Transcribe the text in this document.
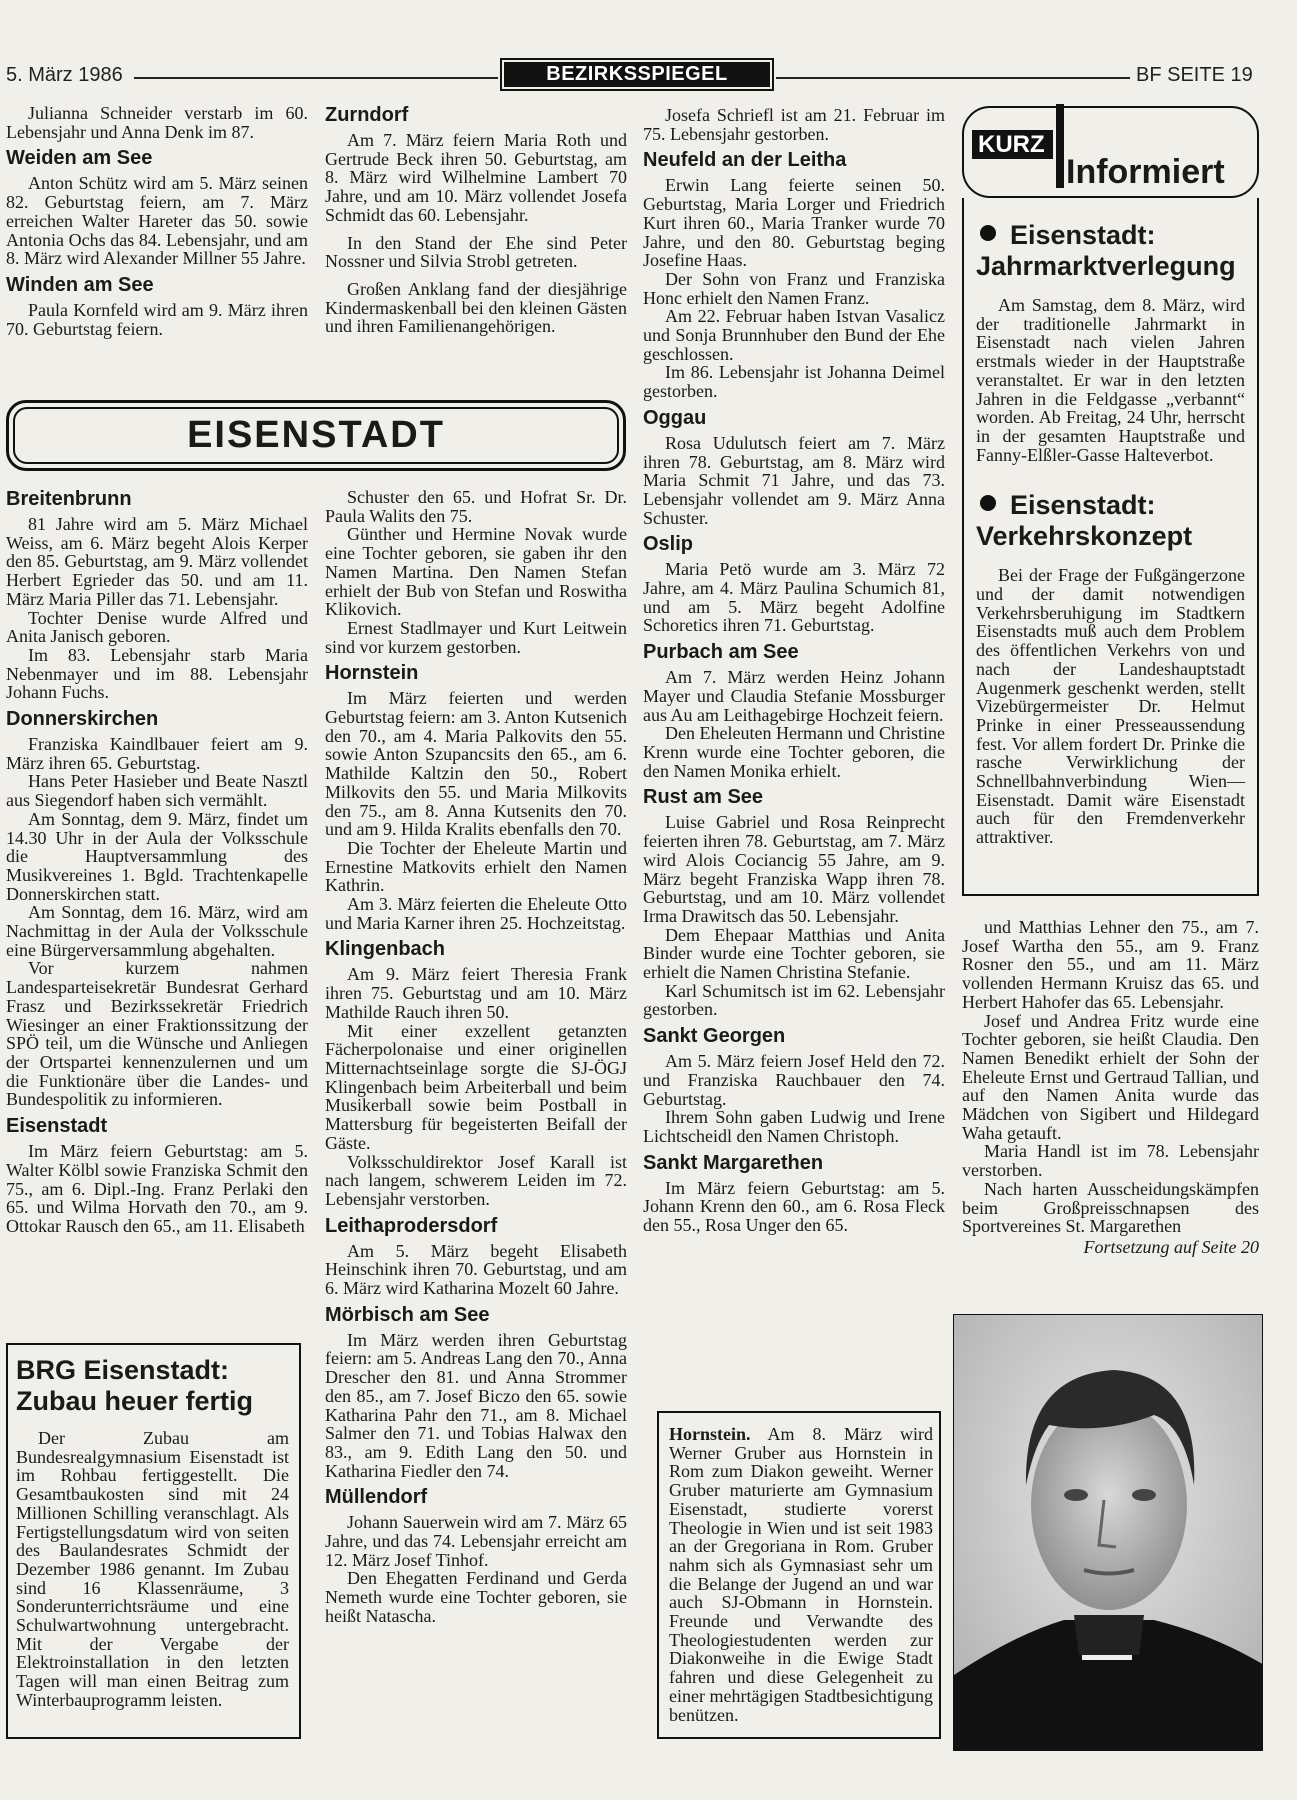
5. März 1986	BEZIRKSSPIEGEL	BF SEITE 19

Julianna Schneider verstarb im 60. Lebensjahr und Anna Denk im 87.

Weiden am See

Anton Schütz wird am 5. März seinen 82. Geburtstag feiern, am 7. März erreichen Walter Hareter das 50. sowie Antonia Ochs das 84. Lebensjahr, und am 8. März wird Alexander Millner 55 Jahre.

Winden am See

Paula Kornfeld wird am 9. März ihren 70. Geburtstag feiern.

Zurndorf

Am 7. März feiern Maria Roth und Gertrude Beck ihren 50. Geburtstag, am 8. März wird Wilhelmine Lambert 70 Jahre, und am 10. März vollendet Josefa Schmidt das 60. Lebensjahr.

In den Stand der Ehe sind Peter Nossner und Silvia Strobl getreten.

Großen Anklang fand der diesjährige Kindermaskenball bei den kleinen Gästen und ihren Familienangehörigen.

Josefa Schriefl ist am 21. Februar im 75. Lebensjahr gestorben.

Neufeld an der Leitha

Erwin Lang feierte seinen 50. Geburtstag, Maria Lorger und Friedrich Kurt ihren 60., Maria Tranker wurde 70 Jahre, und den 80. Geburtstag beging Josefine Haas.

Der Sohn von Franz und Franziska Honc erhielt den Namen Franz.

Am 22. Februar haben Istvan Vasalicz und Sonja Brunnhuber den Bund der Ehe geschlossen.

Im 86. Lebensjahr ist Johanna Deimel gestorben.

Oggau

Rosa Udulutsch feiert am 7. März ihren 78. Geburtstag, am 8. März wird Maria Schmit 71 Jahre, und das 73. Lebensjahr vollendet am 9. März Anna Schuster.

Oslip

Maria Petö wurde am 3. März 72 Jahre, am 4. März Paulina Schumich 81, und am 5. März begeht Adolfine Schoretics ihren 71. Geburtstag.

Purbach am See

Am 7. März werden Heinz Johann Mayer und Claudia Stefanie Mossburger aus Au am Leithagebirge Hochzeit feiern.

Den Eheleuten Hermann und Christine Krenn wurde eine Tochter geboren, die den Namen Monika erhielt.

Rust am See

Luise Gabriel und Rosa Reinprecht feierten ihren 78. Geburtstag, am 7. März wird Alois Cociancig 55 Jahre, am 9. März begeht Franziska Wapp ihren 78. Geburtstag, und am 10. März vollendet Irma Drawitsch das 50. Lebensjahr.

Dem Ehepaar Matthias und Anita Binder wurde eine Tochter geboren, sie erhielt die Namen Christina Stefanie.

Karl Schumitsch ist im 62. Lebensjahr gestorben.

Sankt Georgen

Am 5. März feiern Josef Held den 72. und Franziska Rauchbauer den 74. Geburtstag.

Ihrem Sohn gaben Ludwig und Irene Lichtscheidl den Namen Christoph.

Sankt Margarethen

Im März feiern Geburtstag: am 5. Johann Krenn den 60., am 6. Rosa Fleck den 55., Rosa Unger den 65.

EISENSTADT
Breitenbrunn

81 Jahre wird am 5. März Michael Weiss, am 6. März begeht Alois Kerper den 85. Geburtstag, am 9. März vollendet Herbert Egrieder das 50. und am 11. März Maria Piller das 71. Lebensjahr.

Tochter Denise wurde Alfred und Anita Janisch geboren.

Im 83. Lebensjahr starb Maria Nebenmayer und im 88. Lebensjahr Johann Fuchs.

Donnerskirchen

Franziska Kaindlbauer feiert am 9. März ihren 65. Geburtstag.

Hans Peter Hasieber und Beate Nasztl aus Siegendorf haben sich vermählt.

Am Sonntag, dem 9. März, findet um 14.30 Uhr in der Aula der Volksschule die Hauptversammlung des Musikvereines 1. Bgld. Trachtenkapelle Donnerskirchen statt.

Am Sonntag, dem 16. März, wird am Nachmittag in der Aula der Volksschule eine Bürgerversammlung abgehalten.

Vor kurzem nahmen Landesparteisekretär Bundesrat Gerhard Frasz und Bezirkssekretär Friedrich Wiesinger an einer Fraktionssitzung der SPÖ teil, um die Wünsche und Anliegen der Ortspartei kennenzulernen und um die Funktionäre über die Landes- und Bundespolitik zu informieren.

Eisenstadt

Im März feiern Geburtstag: am 5. Walter Kölbl sowie Franziska Schmit den 75., am 6. Dipl.-Ing. Franz Perlaki den 65. und Wilma Horvath den 70., am 9. Ottokar Rausch den 65., am 11. Elisabeth

Schuster den 65. und Hofrat Sr. Dr. Paula Walits den 75.

Günther und Hermine Novak wurde eine Tochter geboren, sie gaben ihr den Namen Martina. Den Namen Stefan erhielt der Bub von Stefan und Roswitha Klikovich.

Ernest Stadlmayer und Kurt Leitwein sind vor kurzem gestorben.

Hornstein

Im März feierten und werden Geburtstag feiern: am 3. Anton Kutsenich den 70., am 4. Maria Palkovits den 55. sowie Anton Szupancsits den 65., am 6. Mathilde Kaltzin den 50., Robert Milkovits den 55. und Maria Milkovits den 75., am 8. Anna Kutsenits den 70. und am 9. Hilda Kralits ebenfalls den 70.

Die Tochter der Eheleute Martin und Ernestine Matkovits erhielt den Namen Kathrin.

Am 3. März feierten die Eheleute Otto und Maria Karner ihren 25. Hochzeitstag.

Klingenbach

Am 9. März feiert Theresia Frank ihren 75. Geburtstag und am 10. März Mathilde Rauch ihren 50.

Mit einer exzellent getanzten Fächerpolonaise und einer originellen Mitternachtseinlage sorgte die SJ-ÖGJ Klingenbach beim Arbeiterball und beim Musikerball sowie beim Postball in Mattersburg für begeisterten Beifall der Gäste.

Volksschuldirektor Josef Karall ist nach langem, schwerem Leiden im 72. Lebensjahr verstorben.

Leithaprodersdorf

Am 5. März begeht Elisabeth Heinschink ihren 70. Geburtstag, und am 6. März wird Katharina Mozelt 60 Jahre.

Mörbisch am See

Im März werden ihren Geburtstag feiern: am 5. Andreas Lang den 70., Anna Drescher den 81. und Anna Strommer den 85., am 7. Josef Biczo den 65. sowie Katharina Pahr den 71., am 8. Michael Salmer den 71. und Tobias Halwax den 83., am 9. Edith Lang den 50. und Katharina Fiedler den 74.

Müllendorf

Johann Sauerwein wird am 7. März 65 Jahre, und das 74. Lebensjahr erreicht am 12. März Josef Tinhof.

Den Ehegatten Ferdinand und Gerda Nemeth wurde eine Tochter geboren, sie heißt Natascha.

KURZ
Informiert
Eisenstadt:
Jahrmarktverlegung

Am Samstag, dem 8. März, wird der traditionelle Jahrmarkt in Eisenstadt nach vielen Jahren erstmals wieder in der Hauptstraße veranstaltet. Er war in den letzten Jahren in die Feldgasse „verbannt“ worden. Ab Freitag, 24 Uhr, herrscht in der gesamten Hauptstraße und Fanny-Elßler-Gasse Halteverbot.

Eisenstadt:
Verkehrskonzept

Bei der Frage der Fußgängerzone und der damit notwendigen Verkehrsberuhigung im Stadtkern Eisenstadts muß auch dem Problem des öffentlichen Verkehrs von und nach der Landeshauptstadt Augenmerk geschenkt werden, stellt Vizebürgermeister Dr. Helmut Prinke in einer Presseaussendung fest. Vor allem fordert Dr. Prinke die rasche Verwirklichung der Schnellbahnverbindung Wien—Eisenstadt. Damit wäre Eisenstadt auch für den Fremdenverkehr attraktiver.

und Matthias Lehner den 75., am 7. Josef Wartha den 55., am 9. Franz Rosner den 55., und am 11. März vollenden Hermann Kruisz das 65. und Herbert Hahofer das 65. Lebensjahr.

Josef und Andrea Fritz wurde eine Tochter geboren, sie heißt Claudia. Den Namen Benedikt erhielt der Sohn der Eheleute Ernst und Gertraud Tallian, und auf den Namen Anita wurde das Mädchen von Sigibert und Hildegard Waha getauft.

Maria Handl ist im 78. Lebensjahr verstorben.

Nach harten Ausscheidungskämpfen beim Großpreisschnapsen des Sportvereines St. Margarethen

Fortsetzung auf Seite 20
BRG Eisenstadt: Zubau heuer fertig

Der Zubau am Bundesrealgymnasium Eisenstadt ist im Rohbau fertiggestellt. Die Gesamtbaukosten sind mit 24 Millionen Schilling veranschlagt. Als Fertigstellungsdatum wird von seiten des Baulandesrates Schmidt der Dezember 1986 genannt. Im Zubau sind 16 Klassenräume, 3 Sonderunterrichtsräume und eine Schulwartwohnung untergebracht. Mit der Vergabe der Elektroinstallation in den letzten Tagen will man einen Beitrag zum Winterbauprogramm leisten.

Hornstein. Am 8. März wird Werner Gruber aus Hornstein in Rom zum Diakon geweiht. Werner Gruber maturierte am Gymnasium Eisenstadt, studierte vorerst Theologie in Wien und ist seit 1983 an der Gregoriana in Rom. Gruber nahm sich als Gymnasiast sehr um die Belange der Jugend an und war auch SJ-Obmann in Hornstein. Freunde und Verwandte des Theologiestudenten werden zur Diakonweihe in die Ewige Stadt fahren und diese Gelegenheit zu einer mehrtägigen Stadtbesichtigung benützen.
